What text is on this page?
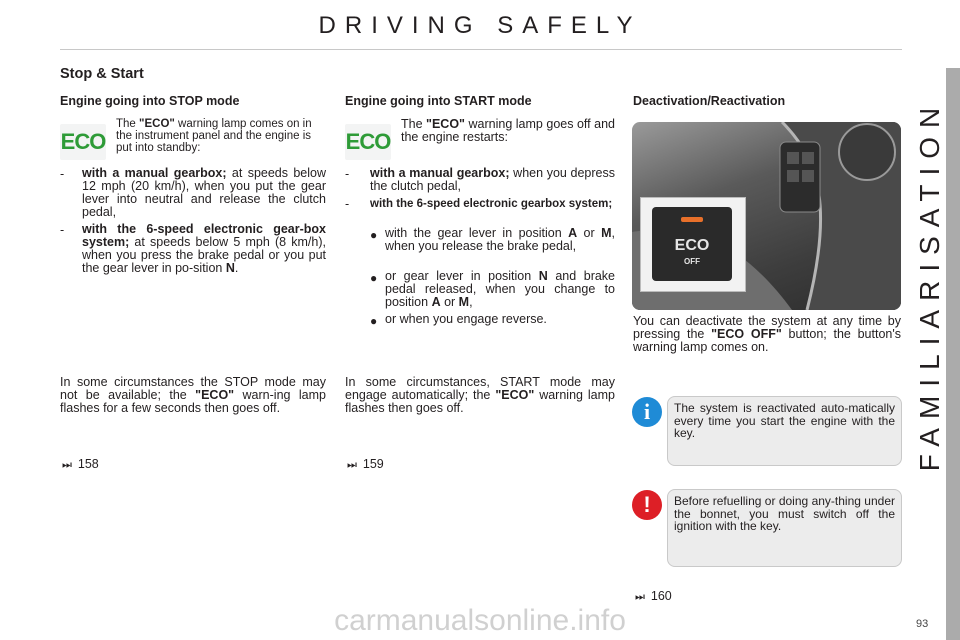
DRIVING SAFELY
FAMILIARISATION
Stop & Start
Engine going into STOP mode
ECO
The "ECO" warning lamp comes on in the instrument panel and the engine is put into standby:
- with a manual gearbox; at speeds below 12 mph (20 km/h), when you put the gear lever into neutral and release the clutch pedal,
- with the 6-speed electronic gear-box system; at speeds below 5 mph (8 km/h), when you press the brake pedal or you put the gear lever in po-sition N.
In some circumstances the STOP mode may not be available; the "ECO" warn-ing lamp flashes for a few seconds then goes off.
⏭ 158
Engine going into START mode
ECO
The "ECO" warning lamp goes off and the engine restarts:
- with a manual gearbox; when you depress the clutch pedal,
- with the 6-speed electronic gearbox system;
● with the gear lever in position A or M, when you release the brake pedal,
● or gear lever in position N and brake pedal released, when you change to position A or M,
● or when you engage reverse.
In some circumstances, START mode may engage automatically; the "ECO" warning lamp flashes then goes off.
⏭ 159
Deactivation/Reactivation
ECO
OFF
You can deactivate the system at any time by pressing the "ECO OFF" button; the button's warning lamp comes on.
i	The system is reactivated auto-matically every time you start the engine with the key.
!	Before refuelling or doing any-thing under the bonnet, you must switch off the ignition with the key.
⏭ 160
carmanualsonline.info	93
